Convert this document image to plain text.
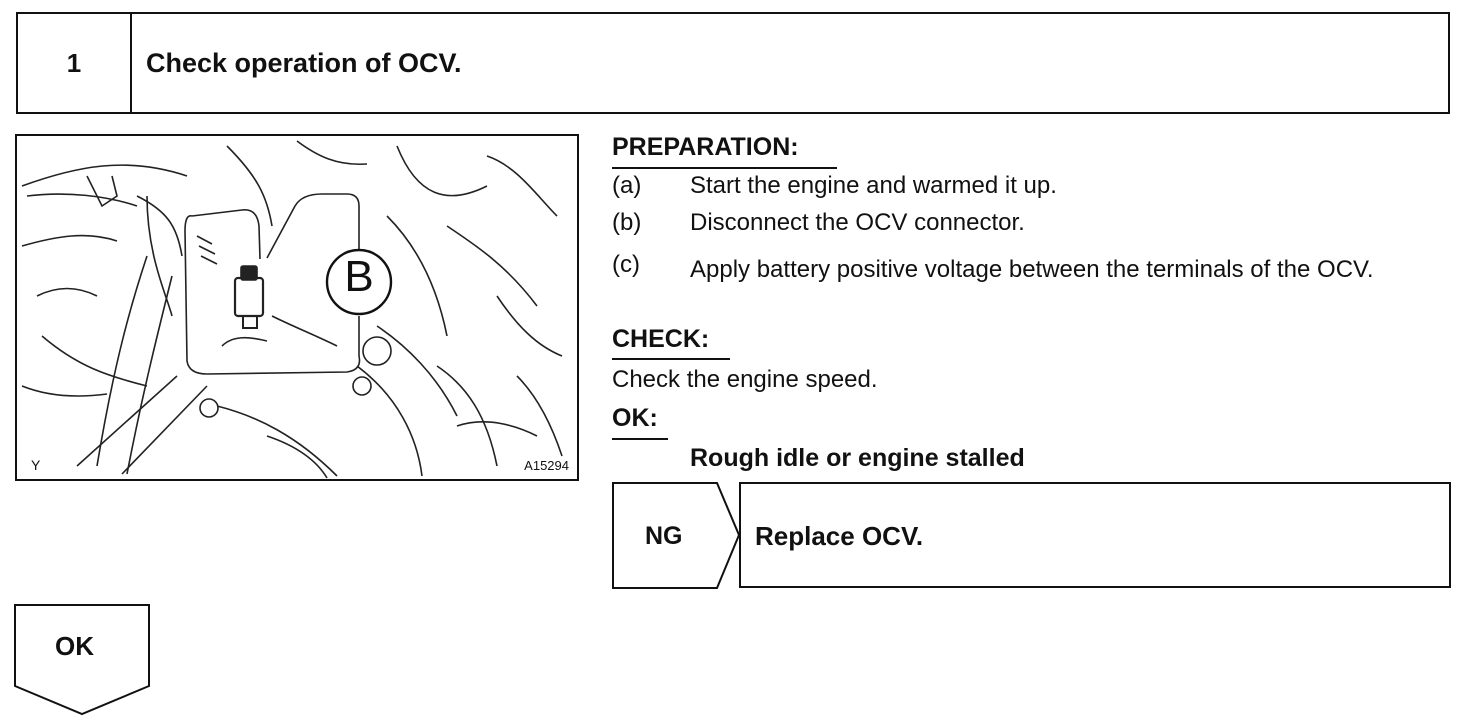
1	Check operation of OCV.
B
Y	A15294
PREPARATION:
(a) Start the engine and warmed it up.
(b) Disconnect the OCV connector.
(c) Apply battery positive voltage between the terminals of the OCV.
CHECK:
Check the engine speed.
OK:
Rough idle or engine stalled
NG	Replace OCV.
OK
